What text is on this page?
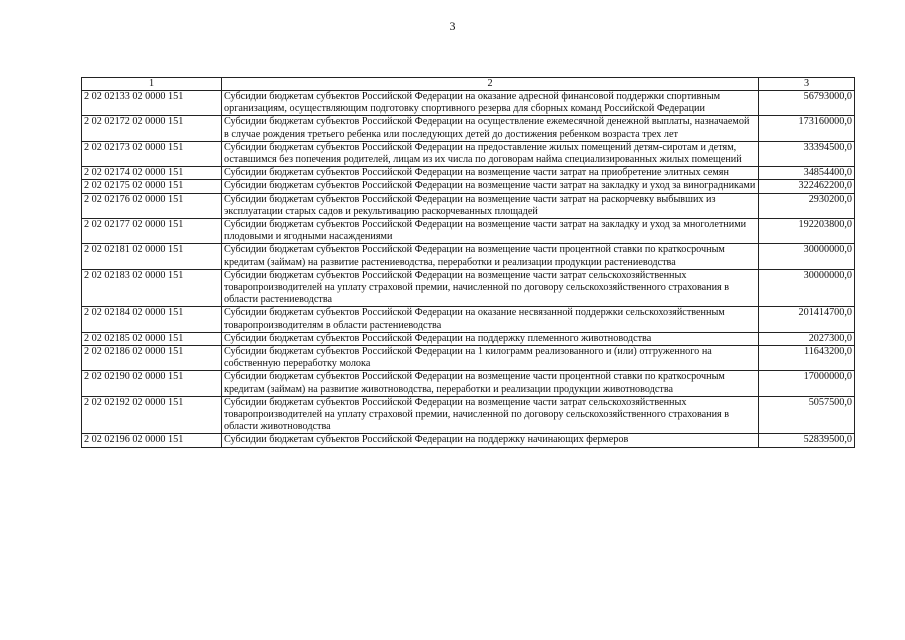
3
1	2	3
2 02 02133 02 0000 151	Субсидии бюджетам субъектов Российской Федерации на оказание адресной финансовой поддержки спортивным организациям, осуществляющим подготовку спортивного резерва для сборных команд Российской Федерации	56793000,0
2 02 02172 02 0000 151	Субсидии бюджетам субъектов Российской Федерации на осуществление ежемесячной денежной выплаты, назначаемой в случае рождения третьего ребенка или последующих детей до достижения ребенком возраста трех лет	173160000,0
2 02 02173 02 0000 151	Субсидии бюджетам субъектов Российской Федерации на предоставление жилых помещений детям-сиротам и детям, оставшимся без попечения родителей, лицам из их числа по договорам найма специализированных жилых помещений	33394500,0
2 02 02174 02 0000 151	Субсидии бюджетам субъектов Российской Федерации на возмещение части затрат на приобретение элитных семян	34854400,0
2 02 02175 02 0000 151	Субсидии бюджетам субъектов Российской Федерации на возмещение части затрат на закладку и уход за виноградниками	322462200,0
2 02 02176 02 0000 151	Субсидии бюджетам субъектов Российской Федерации на возмещение части затрат на раскорчевку выбывших из эксплуатации старых садов и рекультивацию раскорчеванных площадей	2930200,0
2 02 02177 02 0000 151	Субсидии бюджетам субъектов Российской Федерации на возмещение части затрат на закладку и уход за многолетними плодовыми и ягодными насаждениями	192203800,0
2 02 02181 02 0000 151	Субсидии бюджетам субъектов Российской Федерации на возмещение части процентной ставки по краткосрочным кредитам (займам) на развитие растениеводства, переработки и реализации продукции растениеводства	30000000,0
2 02 02183 02 0000 151	Субсидии бюджетам субъектов Российской Федерации на возмещение части затрат сельскохозяйственных товаропроизводителей на уплату страховой премии, начисленной по договору сельскохозяйственного страхования в области растениеводства	30000000,0
2 02 02184 02 0000 151	Субсидии бюджетам субъектов Российской Федерации на оказание несвязанной поддержки сельскохозяйственным товаропроизводителям в области растениеводства	201414700,0
2 02 02185 02 0000 151	Субсидии бюджетам субъектов Российской Федерации на поддержку племенного животноводства	2027300,0
2 02 02186 02 0000 151	Субсидии бюджетам субъектов Российской Федерации на 1 килограмм реализованного и (или) отгруженного на собственную переработку молока	11643200,0
2 02 02190 02 0000 151	Субсидии бюджетам субъектов Российской Федерации на возмещение части процентной ставки по краткосрочным кредитам (займам) на развитие животноводства, переработки и реализации продукции животноводства	17000000,0
2 02 02192 02 0000 151	Субсидии бюджетам субъектов Российской Федерации на возмещение части затрат сельскохозяйственных товаропроизводителей на уплату страховой премии, начисленной по договору сельскохозяйственного страхования в области животноводства	5057500,0
2 02 02196 02 0000 151	Субсидии бюджетам субъектов Российской Федерации на поддержку начинающих фермеров	52839500,0
